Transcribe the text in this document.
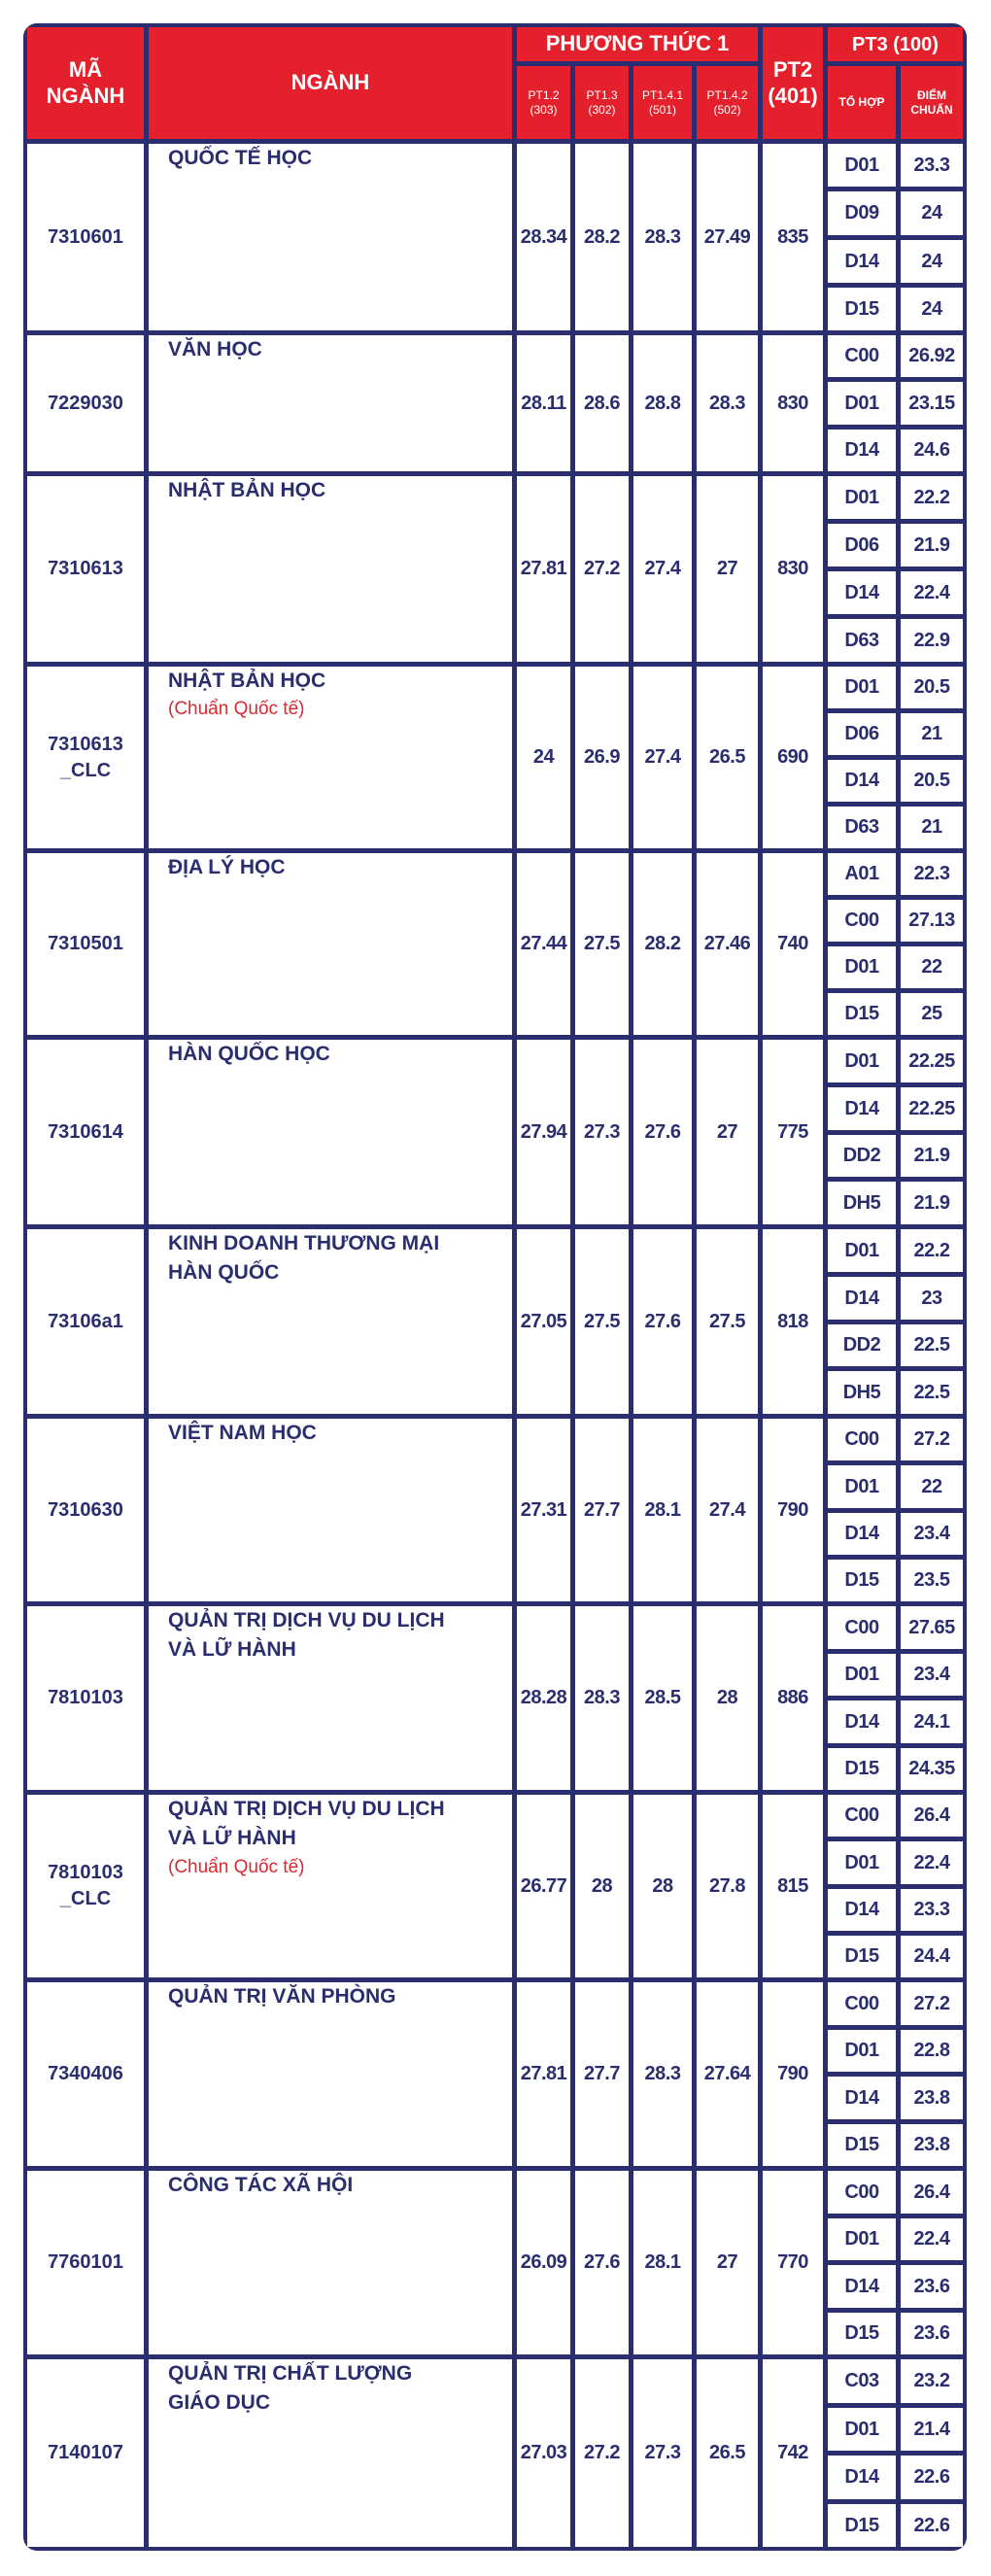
MÃ
NGÀNH
NGÀNH
PHƯƠNG THỨC 1
PT1.2
(303)
PT1.3
(302)
PT1.4.1
(501)
PT1.4.2
(502)
PT2
(401)
PT3 (100)
TỔ HỢP
ĐIỂM
CHUẨN
7310601
QUỐC TẾ HỌC
28.34 28.2 28.3 27.49 835
D01 23.3
D09 24
D14 24
D15 24
7229030
VĂN HỌC
28.11 28.6 28.8 28.3 830
C00 26.92
D01 23.15
D14 24.6
7310613
NHẬT BẢN HỌC
27.81 27.2 27.4 27 830
D01 22.2
D06 21.9
D14 22.4
D63 22.9
7310613
_CLC
NHẬT BẢN HỌC
(Chuẩn Quốc tế)
24 26.9 27.4 26.5 690
D01 20.5
D06 21
D14 20.5
D63 21
7310501
ĐỊA LÝ HỌC
27.44 27.5 28.2 27.46 740
A01 22.3
C00 27.13
D01 22
D15 25
7310614
HÀN QUỐC HỌC
27.94 27.3 27.6 27 775
D01 22.25
D14 22.25
DD2 21.9
DH5 21.9
73106a1
KINH DOANH THƯƠNG MẠI
HÀN QUỐC
27.05 27.5 27.6 27.5 818
D01 22.2
D14 23
DD2 22.5
DH5 22.5
7310630
VIỆT NAM HỌC
27.31 27.7 28.1 27.4 790
C00 27.2
D01 22
D14 23.4
D15 23.5
7810103
QUẢN TRỊ DỊCH VỤ DU LỊCH
VÀ LỮ HÀNH
28.28 28.3 28.5 28 886
C00 27.65
D01 23.4
D14 24.1
D15 24.35
7810103
_CLC
QUẢN TRỊ DỊCH VỤ DU LỊCH
VÀ LỮ HÀNH
(Chuẩn Quốc tế)
26.77 28 28 27.8 815
C00 26.4
D01 22.4
D14 23.3
D15 24.4
7340406
QUẢN TRỊ VĂN PHÒNG
27.81 27.7 28.3 27.64 790
C00 27.2
D01 22.8
D14 23.8
D15 23.8
7760101
CÔNG TÁC XÃ HỘI
26.09 27.6 28.1 27 770
C00 26.4
D01 22.4
D14 23.6
D15 23.6
7140107
QUẢN TRỊ CHẤT LƯỢNG
GIÁO DỤC
27.03 27.2 27.3 26.5 742
C03 23.2
D01 21.4
D14 22.6
D15 22.6
